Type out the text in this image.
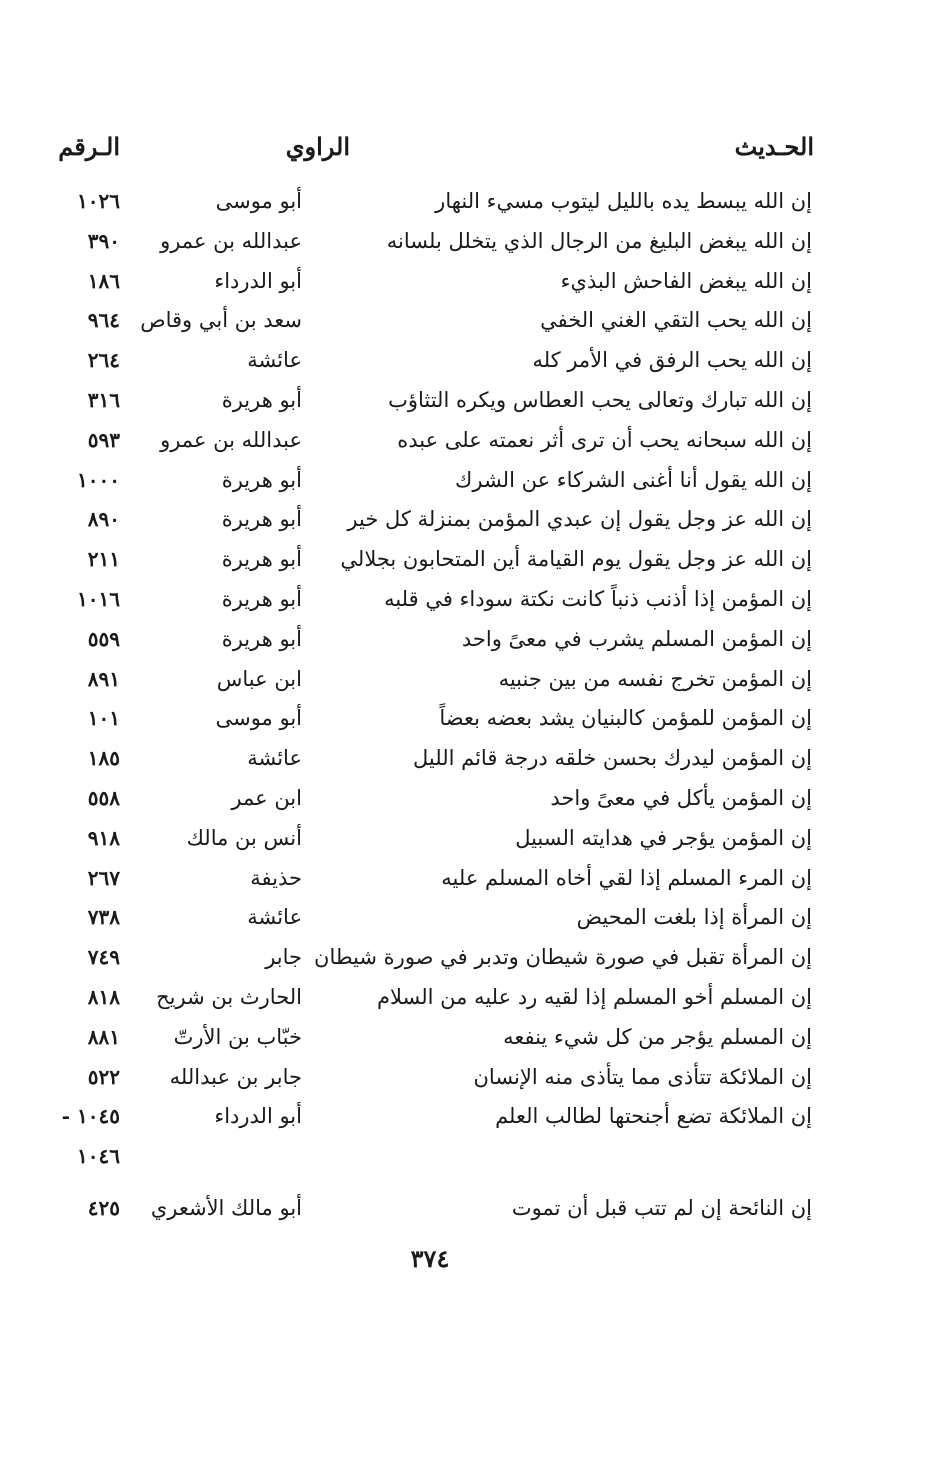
الحـديث
الراوي
الـرقم
إن الله يبسط يده بالليل ليتوب مسيء النهار
أبو موسى
١٠٢٦
إن الله يبغض البليغ من الرجال الذي يتخلل بلسانه
عبدالله بن عمرو
٣٩٠
إن الله يبغض الفاحش البذيء
أبو الدرداء
١٨٦
إن الله يحب التقي الغني الخفي
سعد بن أبي وقاص
٩٦٤
إن الله يحب الرفق في الأمر كله
عائشة
٢٦٤
إن الله تبارك وتعالى يحب العطاس ويكره التثاؤب
أبو هريرة
٣١٦
إن الله سبحانه يحب أن ترى أثر نعمته على عبده
عبدالله بن عمرو
٥٩٣
إن الله يقول أنا أغنى الشركاء عن الشرك
أبو هريرة
١٠٠٠
إن الله عز وجل يقول إن عبدي المؤمن بمنزلة كل خير
أبو هريرة
٨٩٠
إن الله عز وجل يقول يوم القيامة أين المتحابون بجلالي
أبو هريرة
٢١١
إن المؤمن إذا أذنب ذنباً كانت نكتة سوداء في قلبه
أبو هريرة
١٠١٦
إن المؤمن المسلم يشرب في معىً واحد
أبو هريرة
٥٥٩
إن المؤمن تخرج نفسه من بين جنبيه
ابن عباس
٨٩١
إن المؤمن للمؤمن كالبنيان يشد بعضه بعضاً
أبو موسى
١٠١
إن المؤمن ليدرك بحسن خلقه درجة قائم الليل
عائشة
١٨٥
إن المؤمن يأكل في معىً واحد
ابن عمر
٥٥٨
إن المؤمن يؤجر في هدايته السبيل
أنس بن مالك
٩١٨
إن المرء المسلم إذا لقي أخاه المسلم عليه
حذيفة
٢٦٧
إن المرأة إذا بلغت المحيض
عائشة
٧٣٨
إن المرأة تقبل في صورة شيطان وتدبر في صورة شيطان
جابر
٧٤٩
إن المسلم أخو المسلم إذا لقيه رد عليه من السلام
الحارث بن شريح
٨١٨
إن المسلم يؤجر من كل شيء ينفعه
خبّاب بن الأرتّ
٨٨١
إن الملائكة تتأذى مما يتأذى منه الإنسان
جابر بن عبدالله
٥٢٢
إن الملائكة تضع أجنحتها لطالب العلم
أبو الدرداء
١٠٤٥ -
١٠٤٦
إن النائحة إن لم تتب قبل أن تموت
أبو مالك الأشعري
٤٢٥
٣٧٤
